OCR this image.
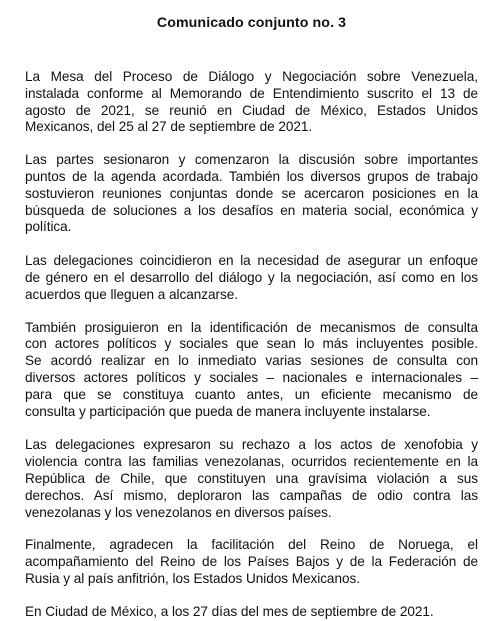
Comunicado conjunto no. 3

La Mesa del Proceso de Diálogo y Negociación sobre Venezuela,
instalada conforme al Memorando de Entendimiento suscrito el 13 de
agosto de 2021, se reunió en Ciudad de México, Estados Unidos
Mexicanos, del 25 al 27 de septiembre de 2021.

Las partes sesionaron y comenzaron la discusión sobre importantes
puntos de la agenda acordada. También los diversos grupos de trabajo
sostuvieron reuniones conjuntas donde se acercaron posiciones en la
búsqueda de soluciones a los desafíos en materia social, económica y
política.

Las delegaciones coincidieron en la necesidad de asegurar un enfoque
de género en el desarrollo del diálogo y la negociación, así como en los
acuerdos que lleguen a alcanzarse.

También prosiguieron en la identificación de mecanismos de consulta
con actores políticos y sociales que sean lo más incluyentes posible.
Se acordó realizar en lo inmediato varias sesiones de consulta con
diversos actores políticos y sociales – nacionales e internacionales –
para que se constituya cuanto antes, un eficiente mecanismo de
consulta y participación que pueda de manera incluyente instalarse.

Las delegaciones expresaron su rechazo a los actos de xenofobia y
violencia contra las familias venezolanas, ocurridos recientemente en la
República de Chile, que constituyen una gravísima violación a sus
derechos. Así mismo, deploraron las campañas de odio contra las
venezolanas y los venezolanos en diversos países.

Finalmente, agradecen la facilitación del Reino de Noruega, el
acompañamiento del Reino de los Países Bajos y de la Federación de
Rusia y al país anfitrión, los Estados Unidos Mexicanos.

En Ciudad de México, a los 27 días del mes de septiembre de 2021.
